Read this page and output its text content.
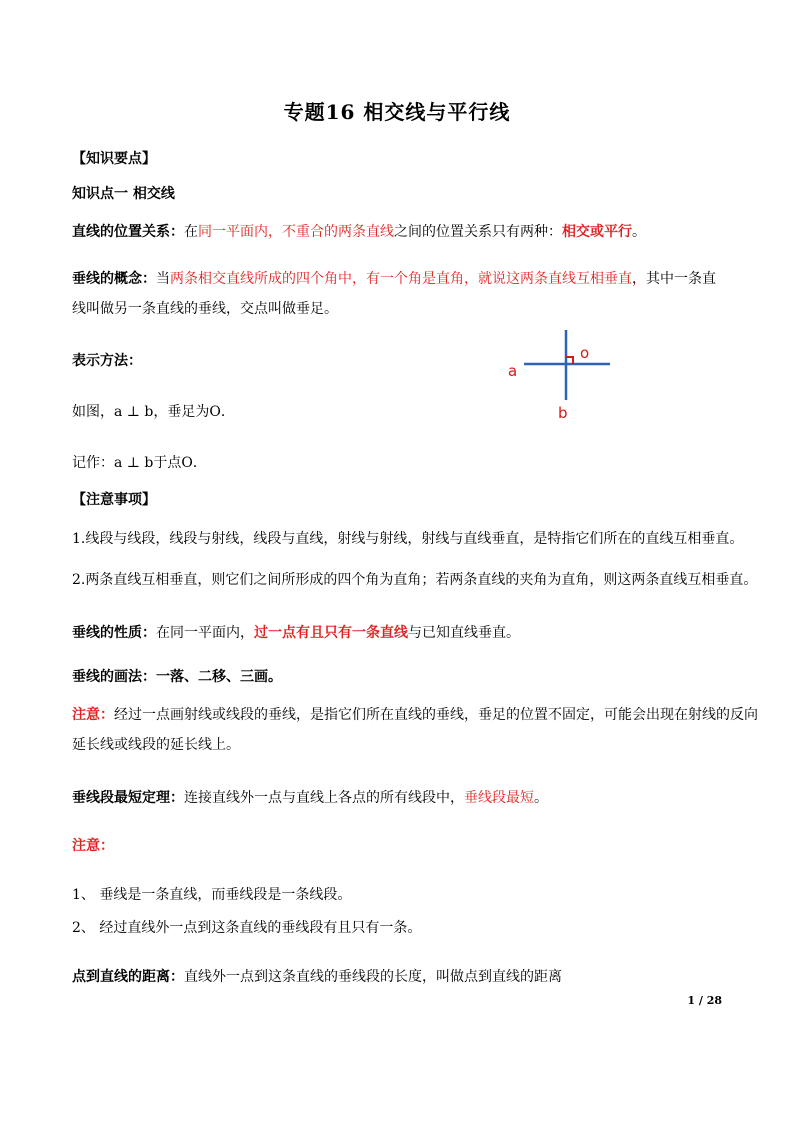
专题16 相交线与平行线
【知识要点】
知识点一 相交线
直线的位置关系：在同一平面内，不重合的两条直线之间的位置关系只有两种：相交或平行。
垂线的概念：当两条相交直线所成的四个角中，有一个角是直角，就说这两条直线互相垂直，其中一条直
线叫做另一条直线的垂线，交点叫做垂足。
表示方法：
如图，a ⊥ b，垂足为O．
记作：a ⊥ b于点O．
o
a
b
【注意事项】
1.线段与线段，线段与射线，线段与直线，射线与射线，射线与直线垂直，是特指它们所在的直线互相垂直。
2.两条直线互相垂直，则它们之间所形成的四个角为直角；若两条直线的夹角为直角，则这两条直线互相垂直。
垂线的性质：在同一平面内，过一点有且只有一条直线与已知直线垂直。
垂线的画法：一落、二移、三画。
注意：经过一点画射线或线段的垂线，是指它们所在直线的垂线，垂足的位置不固定，可能会出现在射线的反向
延长线或线段的延长线上。
垂线段最短定理：连接直线外一点与直线上各点的所有线段中，垂线段最短。
注意：
1、 垂线是一条直线，而垂线段是一条线段。
2、 经过直线外一点到这条直线的垂线段有且只有一条。
点到直线的距离：直线外一点到这条直线的垂线段的长度，叫做点到直线的距离
1 / 28
